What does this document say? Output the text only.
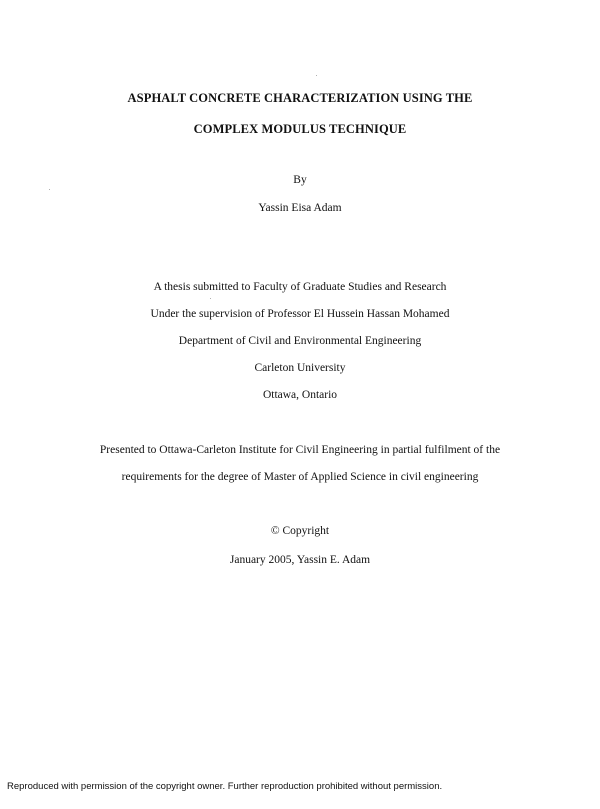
ASPHALT CONCRETE CHARACTERIZATION USING THE
COMPLEX MODULUS TECHNIQUE
By
Yassin Eisa Adam
A thesis submitted to Faculty of Graduate Studies and Research
Under the supervision of Professor El Hussein Hassan Mohamed
Department of Civil and Environmental Engineering
Carleton University
Ottawa, Ontario
Presented to Ottawa-Carleton Institute for Civil Engineering in partial fulfilment of the
requirements for the degree of Master of Applied Science in civil engineering
© Copyright
January 2005, Yassin E. Adam
Reproduced with permission of the copyright owner. Further reproduction prohibited without permission.
